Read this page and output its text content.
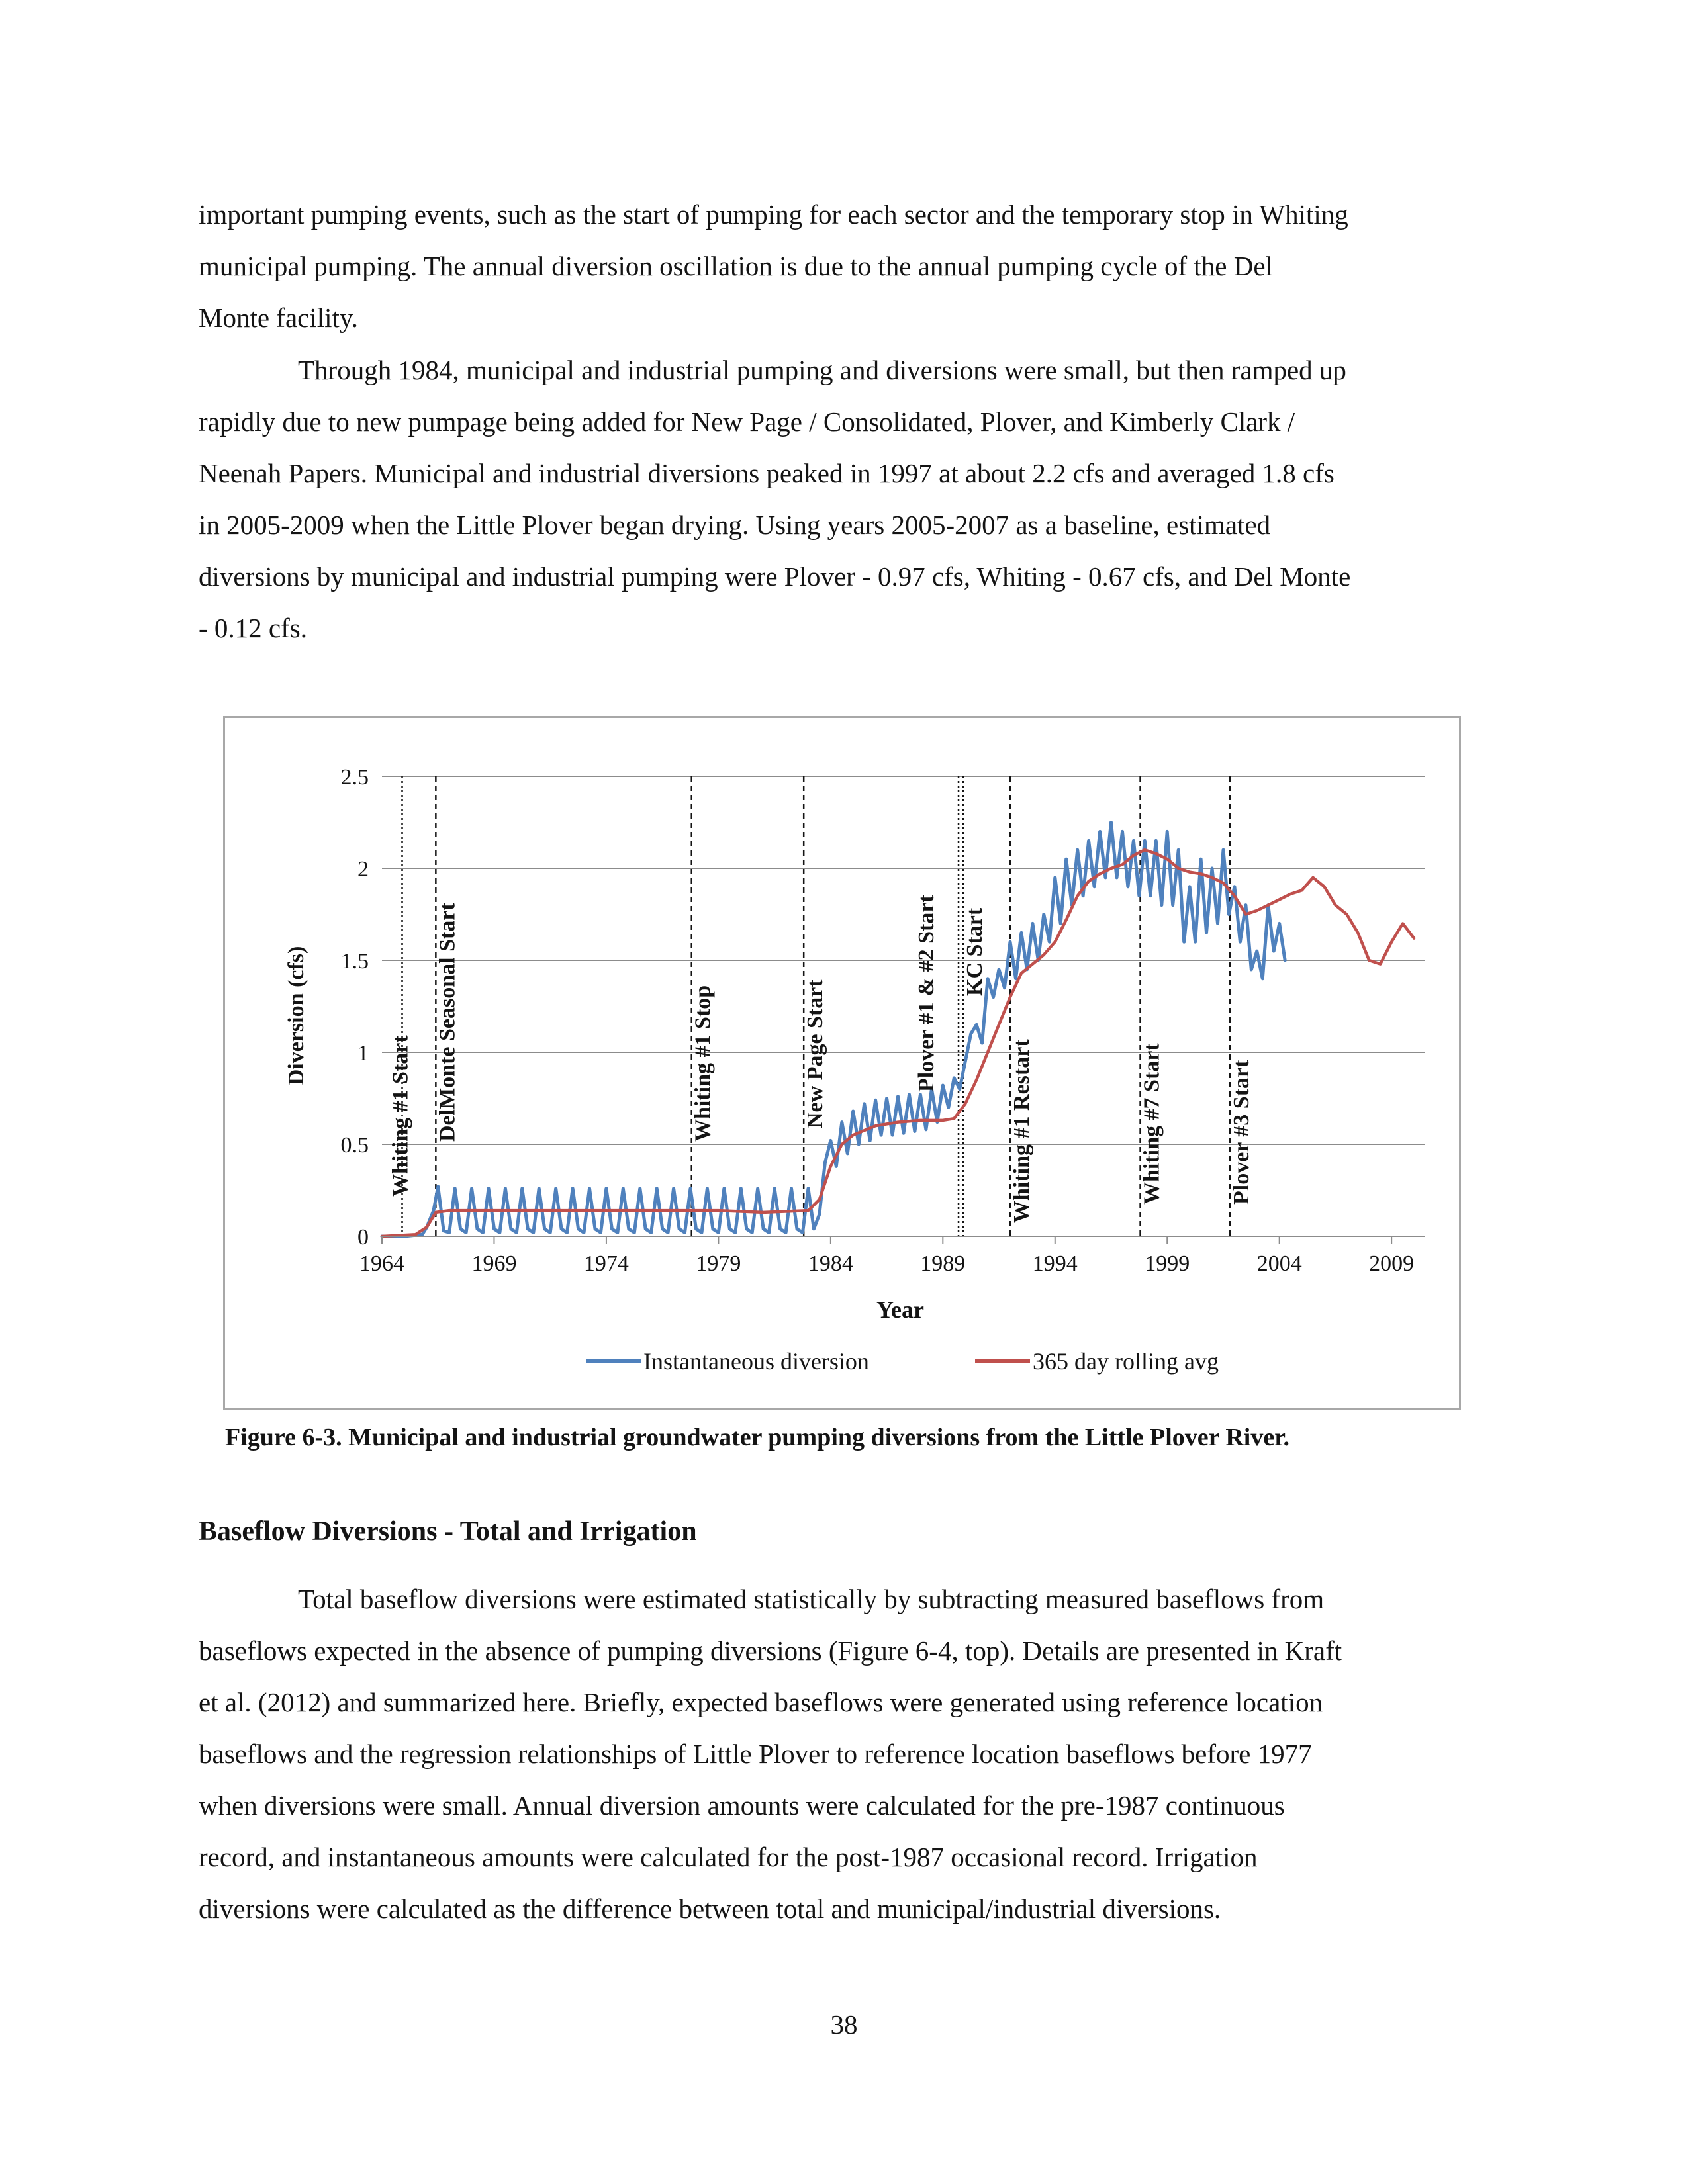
important pumping events, such as the start of pumping for each sector and the temporary stop in Whiting
municipal pumping. The annual diversion oscillation is due to the annual pumping cycle of the Del
Monte facility.
Through 1984, municipal and industrial pumping and diversions were small, but then ramped up
rapidly due to new pumpage being added for New Page / Consolidated, Plover, and Kimberly Clark /
Neenah Papers. Municipal and industrial diversions peaked in 1997 at about 2.2 cfs and averaged 1.8 cfs
in 2005-2009 when the Little Plover began drying. Using years 2005-2007 as a baseline, estimated
diversions by municipal and industrial pumping were Plover - 0.97 cfs, Whiting - 0.67 cfs, and Del Monte
- 0.12 cfs.
0
0.5
1
1.5
2
2.5
1964	1969	1974	1979	1984	1989	1994	1999	2004	2009
Whiting #1 Start DelMonte Seasonal Start	Whiting #1 Stop	New Page Start	Plover #1 & #2 Start KC Start
Whiting #1 Restart	Whiting #7 Start	Plover #3 Start
Year
Diversion (cfs)
Instantaneous diversion	365 day rolling avg
Figure 6-3. Municipal and industrial groundwater pumping diversions from the Little Plover River.
Baseflow Diversions - Total and Irrigation
Total baseflow diversions were estimated statistically by subtracting measured baseflows from
baseflows expected in the absence of pumping diversions (Figure 6-4, top). Details are presented in Kraft
et al. (2012) and summarized here. Briefly, expected baseflows were generated using reference location
baseflows and the regression relationships of Little Plover to reference location baseflows before 1977
when diversions were small. Annual diversion amounts were calculated for the pre-1987 continuous
record, and instantaneous amounts were calculated for the post-1987 occasional record. Irrigation
diversions were calculated as the difference between total and municipal/industrial diversions.
38
